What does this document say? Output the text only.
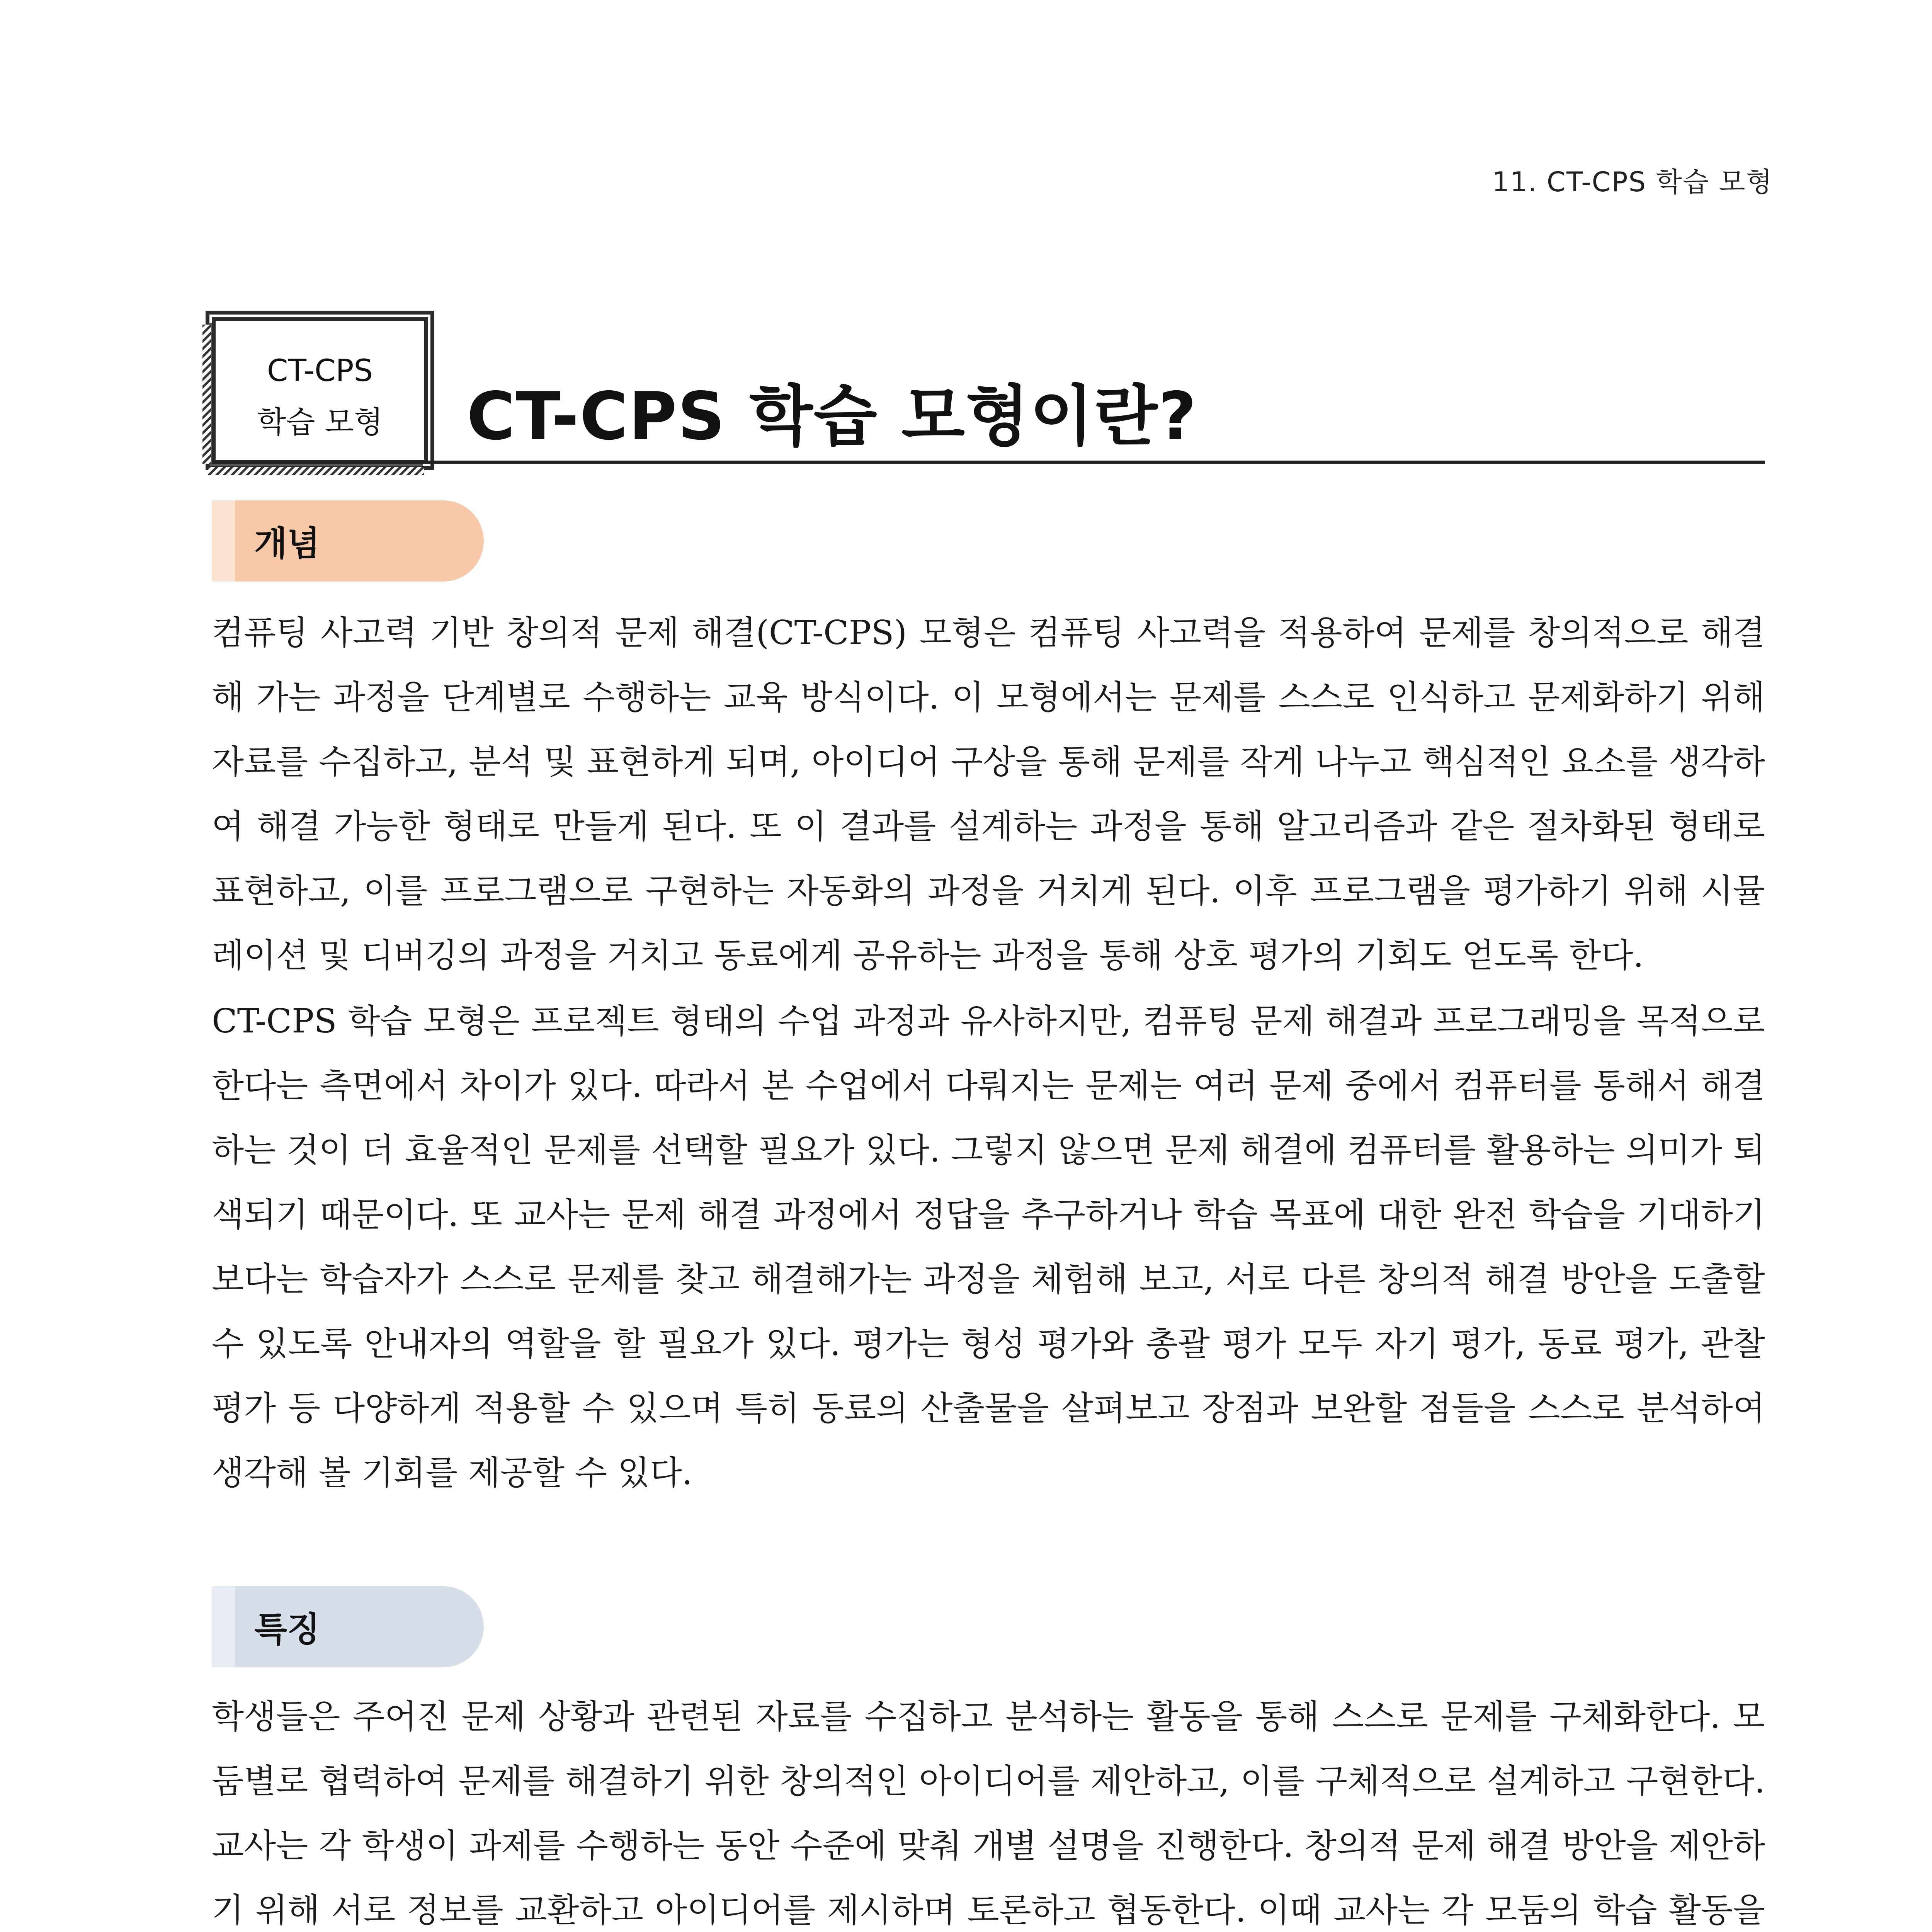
11. CT-CPS 학습 모형
CT-CPS
학습 모형	CT-CPS 학습 모형이란?
개념

컴퓨팅 사고력 기반 창의적 문제 해결(CT-CPS) 모형은 컴퓨팅 사고력을 적용하여 문제를 창의적으로 해결해 가는 과정을 단계별로 수행하는 교육 방식이다. 이 모형에서는 문제를 스스로 인식하고 문제화하기 위해 자료를 수집하고, 분석 및 표현하게 되며, 아이디어 구상을 통해 문제를 작게 나누고 핵심적인 요소를 생각하여 해결 가능한 형태로 만들게 된다. 또 이 결과를 설계하는 과정을 통해 알고리즘과 같은 절차화된 형태로 표현하고, 이를 프로그램으로 구현하는 자동화의 과정을 거치게 된다. 이후 프로그램을 평가하기 위해 시뮬레이션 및 디버깅의 과정을 거치고 동료에게 공유하는 과정을 통해 상호 평가의 기회도 얻도록 한다.

CT-CPS 학습 모형은 프로젝트 형태의 수업 과정과 유사하지만, 컴퓨팅 문제 해결과 프로그래밍을 목적으로 한다는 측면에서 차이가 있다. 따라서 본 수업에서 다뤄지는 문제는 여러 문제 중에서 컴퓨터를 통해서 해결하는 것이 더 효율적인 문제를 선택할 필요가 있다. 그렇지 않으면 문제 해결에 컴퓨터를 활용하는 의미가 퇴색되기 때문이다. 또 교사는 문제 해결 과정에서 정답을 추구하거나 학습 목표에 대한 완전 학습을 기대하기보다는 학습자가 스스로 문제를 찾고 해결해가는 과정을 체험해 보고, 서로 다른 창의적 해결 방안을 도출할 수 있도록 안내자의 역할을 할 필요가 있다. 평가는 형성 평가와 총괄 평가 모두 자기 평가, 동료 평가, 관찰 평가 등 다양하게 적용할 수 있으며 특히 동료의 산출물을 살펴보고 장점과 보완할 점들을 스스로 분석하여 생각해 볼 기회를 제공할 수 있다.

특징

학생들은 주어진 문제 상황과 관련된 자료를 수집하고 분석하는 활동을 통해 스스로 문제를 구체화한다. 모둠별로 협력하여 문제를 해결하기 위한 창의적인 아이디어를 제안하고, 이를 구체적으로 설계하고 구현한다. 교사는 각 학생이 과제를 수행하는 동안 수준에 맞춰 개별 설명을 진행한다. 창의적 문제 해결 방안을 제안하기 위해 서로 정보를 교환하고 아이디어를 제시하며 토론하고 협동한다. 이때 교사는 각 모둠의 학습 활동을
